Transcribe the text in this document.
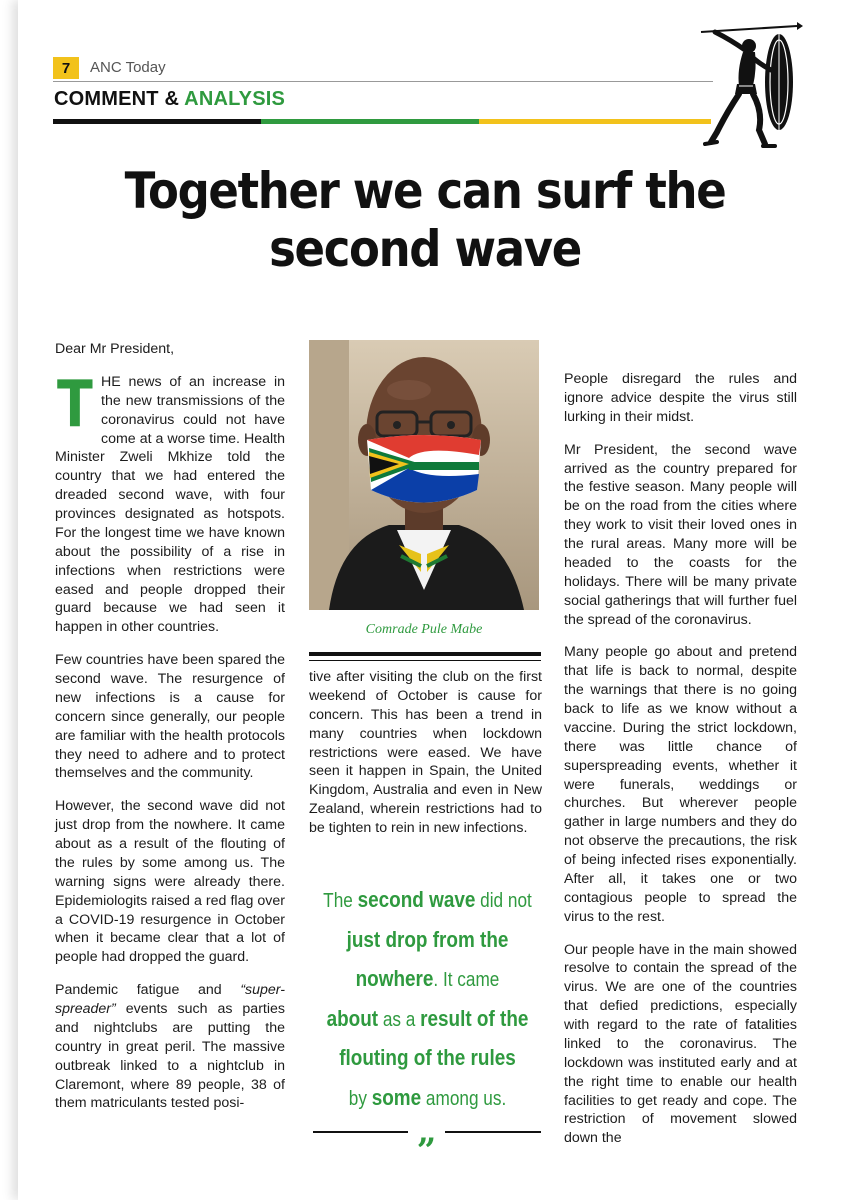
7	ANC Today
COMMENT & ANALYSIS
Together we can surf the second wave

Dear Mr President,

THE news of an increase in the new transmissions of the coronavirus could not have come at a worse time. Health Minister Zweli Mkhize told the country that we had entered the dreaded second wave, with four provinces designated as hotspots. For the longest time we have known about the possibility of a rise in infections when restrictions were eased and people dropped their guard because we had seen it happen in other countries.

Few countries have been spared the second wave. The resurgence of new infections is a cause for concern since generally, our people are familiar with the health protocols they need to adhere and to protect themselves and the community.

However, the second wave did not just drop from the nowhere. It came about as a result of the flouting of the rules by some among us. The warning signs were already there. Epidemiologits raised a red flag over a COVID-19 resurgence in October when it became clear that a lot of people had dropped the guard.

Pandemic fatigue and “super-spreader” events such as parties and nightclubs are putting the country in great peril. The massive outbreak linked to a nightclub in Claremont, where 89 people, 38 of them matriculants tested posi-

Comrade Pule Mabe

tive after visiting the club on the first weekend of October is cause for concern. This has been a trend in many countries when lockdown restrictions were eased. We have seen it happen in Spain, the United Kingdom, Australia and even in New Zealand, wherein restrictions had to be tighten to rein in new infections.

The second wave did not
just drop from the
nowhere. It came
about as a result of the
flouting of the rules
by some among us.
„

People disregard the rules and ignore advice despite the virus still lurking in their midst.

Mr President, the second wave arrived as the country prepared for the festive season. Many people will be on the road from the cities where they work to visit their loved ones in the rural areas. Many more will be headed to the coasts for the holidays. There will be many private social gatherings that will further fuel the spread of the coronavirus.

Many people go about and pretend that life is back to normal, despite the warnings that there is no going back to life as we know without a vaccine. During the strict lockdown, there was little chance of superspreading events, whether it were funerals, weddings or churches. But wherever people gather in large numbers and they do not observe the precautions, the risk of being infected rises exponentially. After all, it takes one or two contagious people to spread the virus to the rest.

Our people have in the main showed resolve to contain the spread of the virus. We are one of the countries that defied predictions, especially with regard to the rate of fatalities linked to the coronavirus. The lockdown was instituted early and at the right time to enable our health facilities to get ready and cope. The restriction of movement slowed down the
